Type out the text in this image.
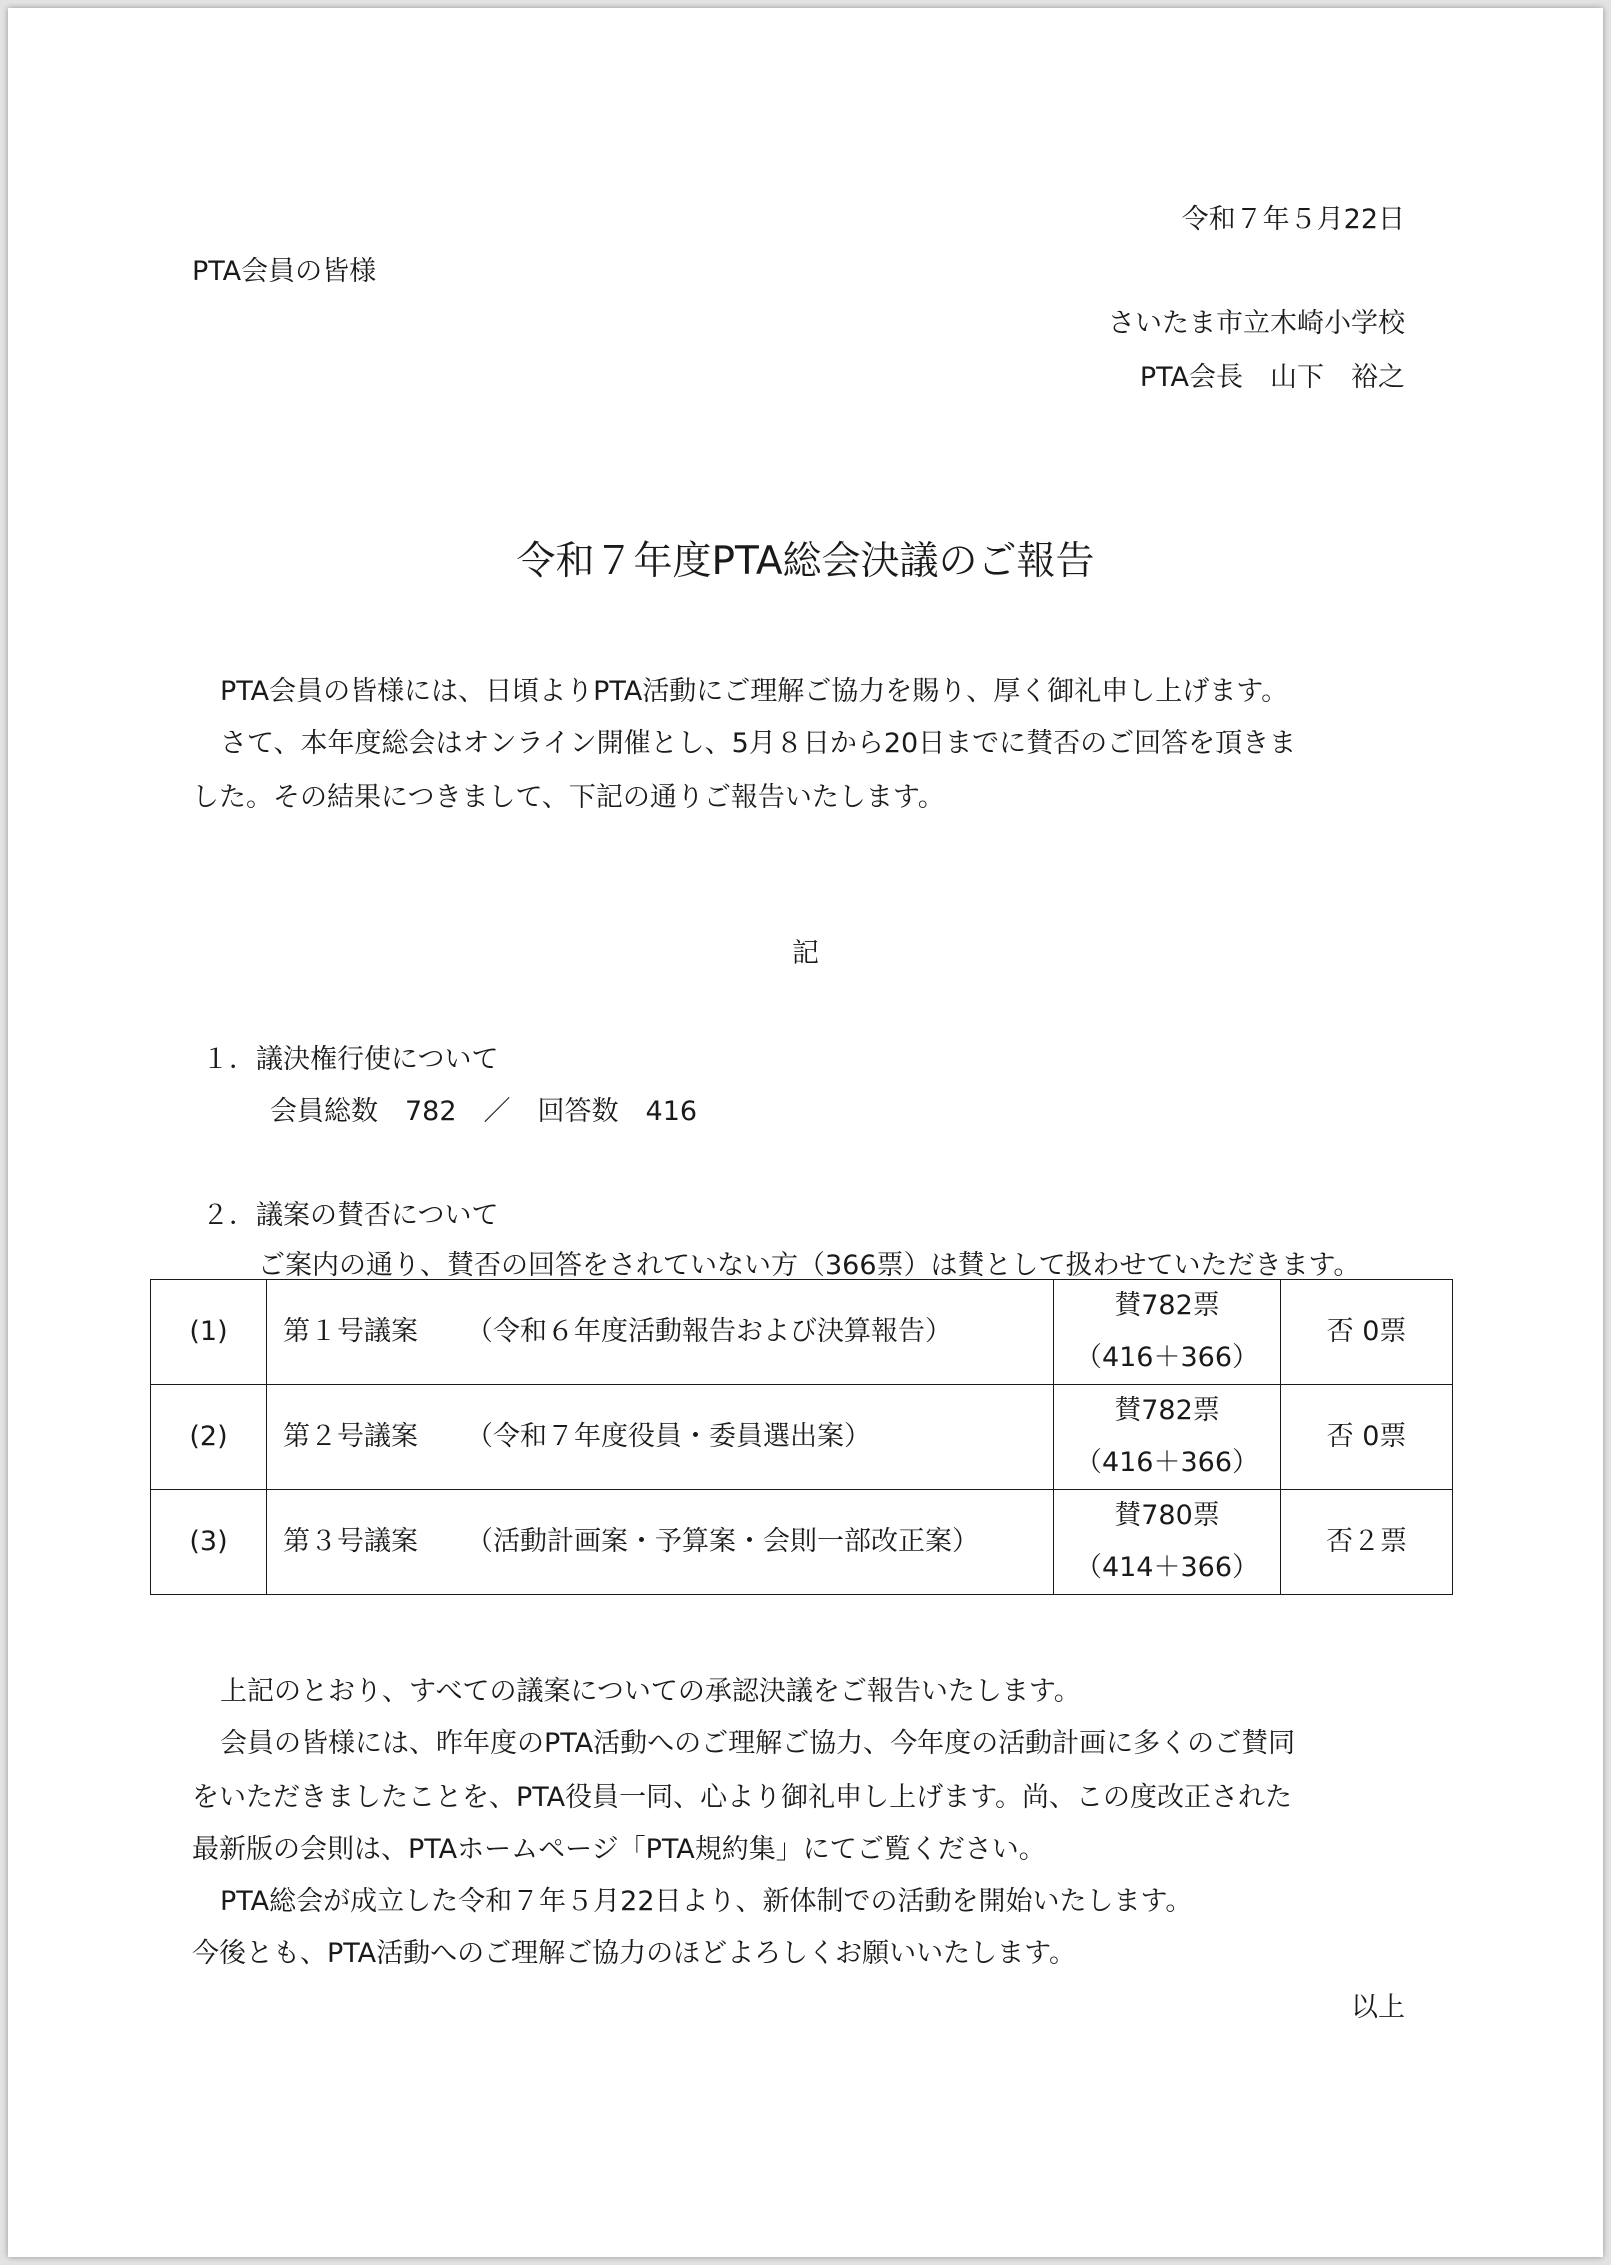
令和７年５月22日
PTA会員の皆様
さいたま市立木崎小学校
PTA会長　山下　裕之
令和７年度PTA総会決議のご報告
PTA会員の皆様には、日頃よりPTA活動にご理解ご協力を賜り、厚く御礼申し上げます。
さて、本年度総会はオンライン開催とし、5月８日から20日までに賛否のご回答を頂きま
した。その結果につきまして、下記の通りご報告いたします。
記
１．議決権行使について
会員総数　782　／　回答数　416
２．議案の賛否について
ご案内の通り、賛否の回答をされていない方（366票）は賛として扱わせていただきます。
(1)	第１号議案 （令和６年度活動報告および決算報告）	賛782票
（416＋366）	否 0票
(2)	第２号議案 （令和７年度役員・委員選出案）	賛782票
（416＋366）	否 0票
(3)	第３号議案 （活動計画案・予算案・会則一部改正案）	賛780票
（414＋366）	否２票
上記のとおり、すべての議案についての承認決議をご報告いたします。
会員の皆様には、昨年度のPTA活動へのご理解ご協力、今年度の活動計画に多くのご賛同
をいただきましたことを、PTA役員一同、心より御礼申し上げます。尚、この度改正された
最新版の会則は、PTAホームページ「PTA規約集」にてご覧ください。
PTA総会が成立した令和７年５月22日より、新体制での活動を開始いたします。
今後とも、PTA活動へのご理解ご協力のほどよろしくお願いいたします。
以上
